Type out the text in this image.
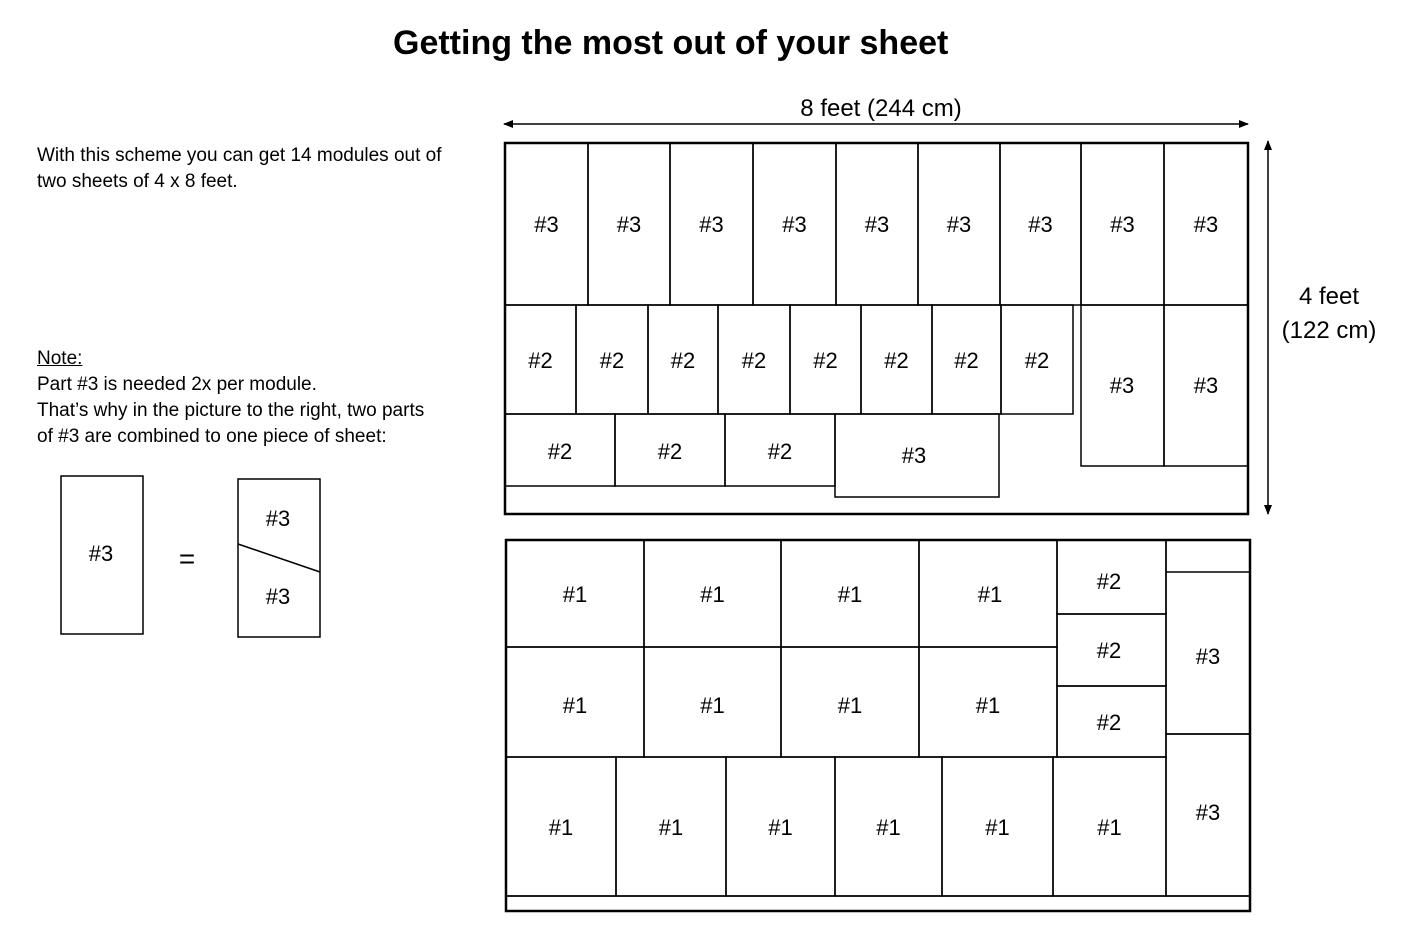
Getting the most out of your sheet
With this scheme you can get 14 modules out of two sheets of 4 x 8 feet.
Note:
Part #3 is needed 2x per module.
That’s why in the picture to the right, two parts
of #3 are combined to one piece of sheet:
#3 =
#3
#3
8 feet (244 cm)
4 feet
(122 cm)
#3	#3	#3	#3	#3	#3	#3	#3	#3
#2 #2 #2 #2 #2 #2 #2 #2
#3	#3
#2	#2	#2	#3
#1	#1	#1	#1
#1	#1	#1	#1
#1	#1	#1	#1	#1	#1
#2
#2
#2
#3
#3
